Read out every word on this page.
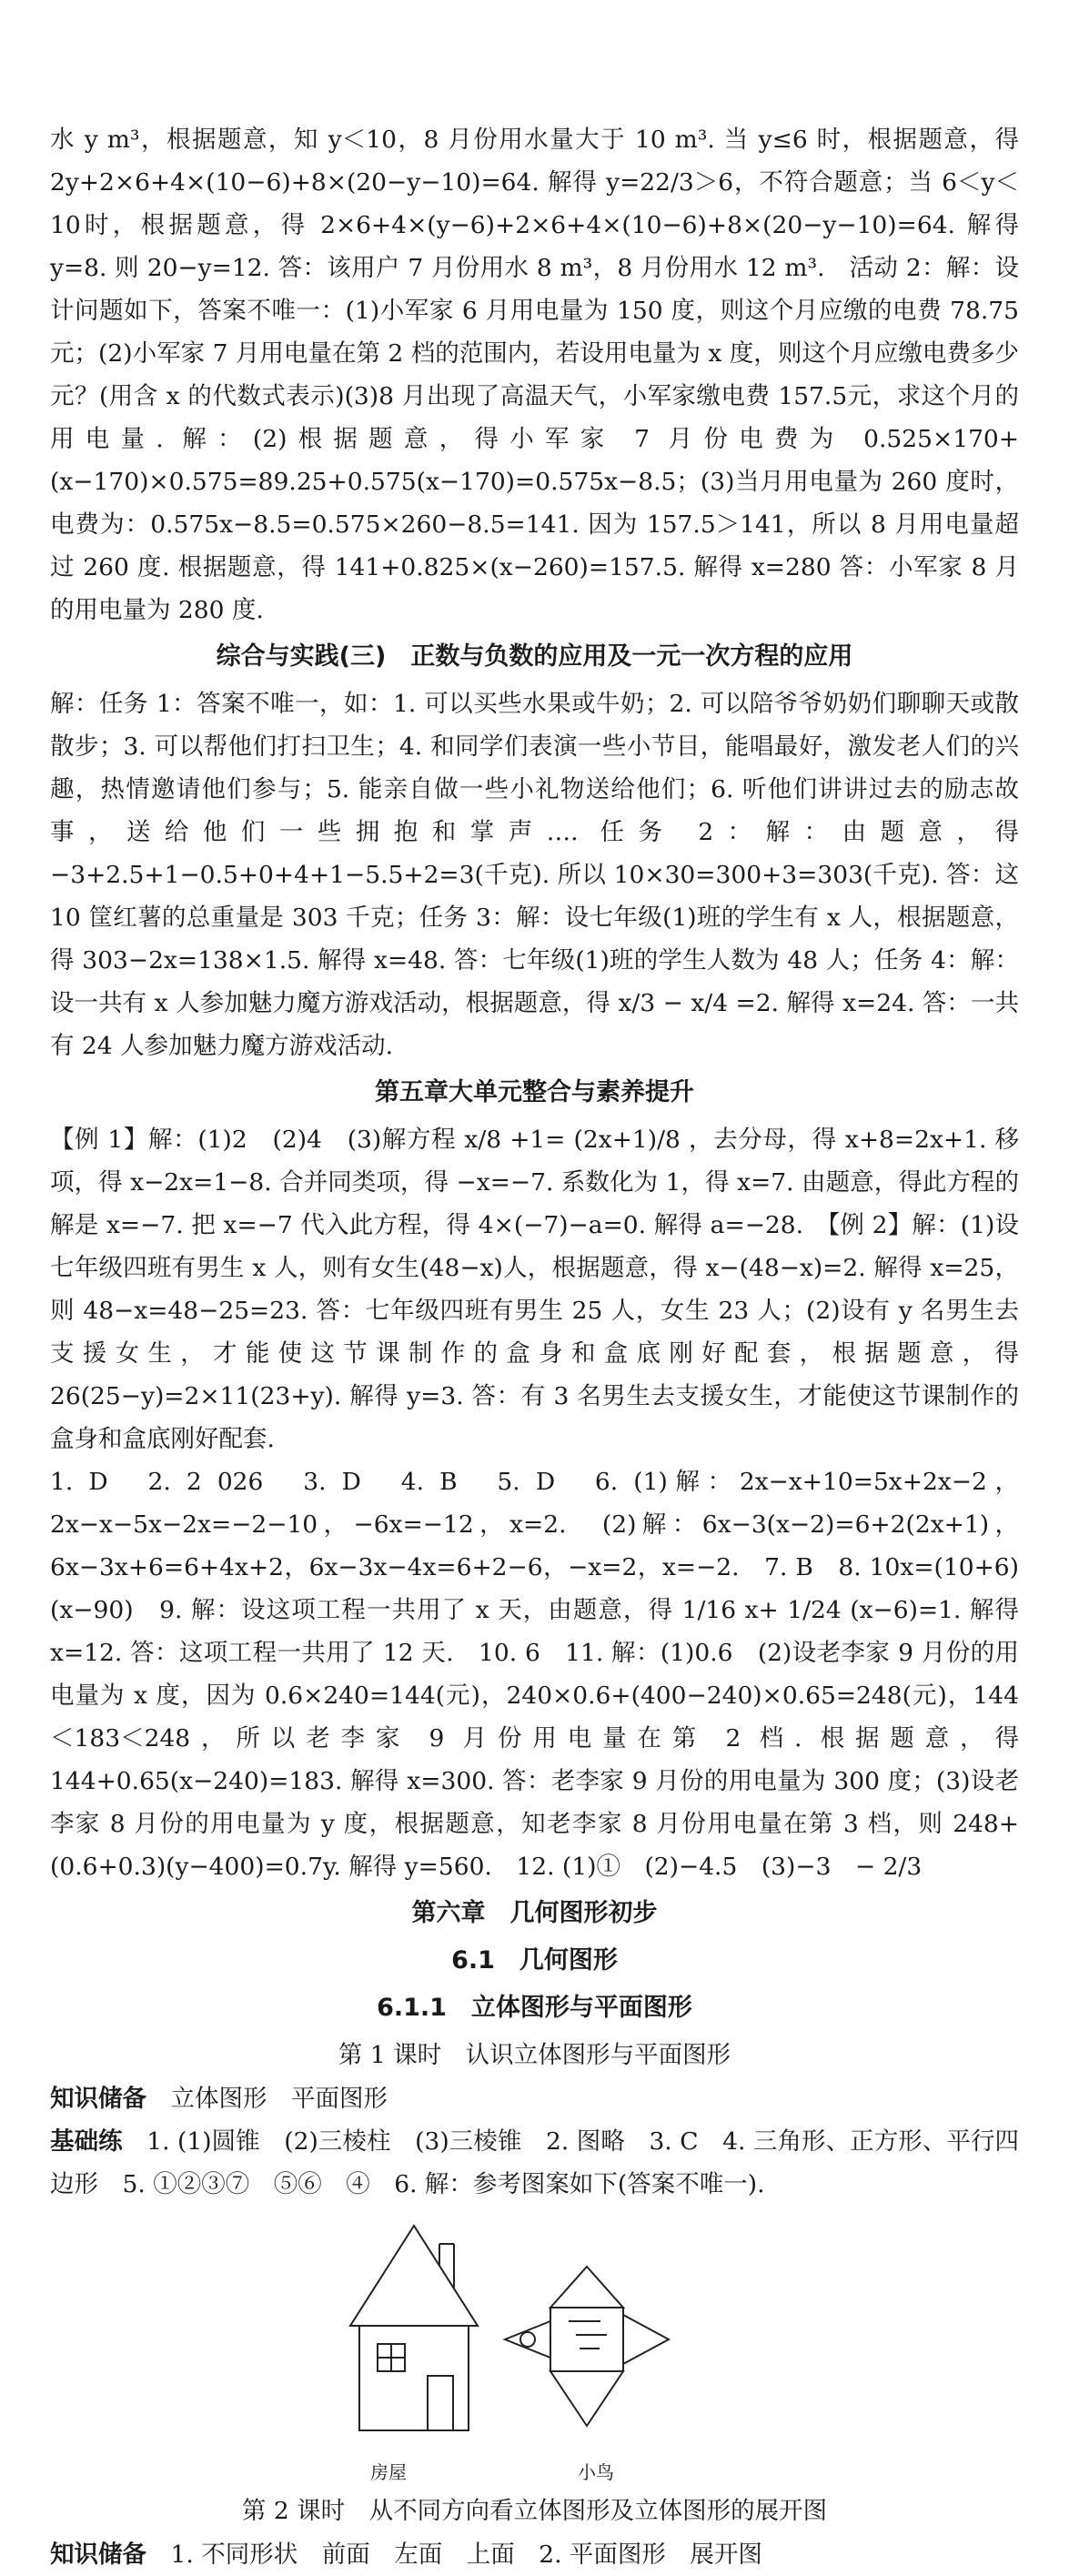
水 y m³，根据题意，知 y＜10，8 月份用水量大于 10 m³. 当 y≤6 时，根据题意，得 2y+2×6+4×(10−6)+8×(20−y−10)=64. 解得 y=22/3＞6，不符合题意；当 6＜y＜10时，根据题意，得 2×6+4×(y−6)+2×6+4×(10−6)+8×(20−y−10)=64. 解得 y=8. 则 20−y=12. 答：该用户 7 月份用水 8 m³，8 月份用水 12 m³.　活动 2：解：设计问题如下，答案不唯一：(1)小军家 6 月用电量为 150 度，则这个月应缴的电费 78.75 元；(2)小军家 7 月用电量在第 2 档的范围内，若设用电量为 x 度，则这个月应缴电费多少元？(用含 x 的代数式表示)(3)8 月出现了高温天气，小军家缴电费 157.5元，求这个月的用电量. 解：(2)根据题意，得小军家 7 月份电费为 0.525×170+(x−170)×0.575=89.25+0.575(x−170)=0.575x−8.5；(3)当月用电量为 260 度时，电费为：0.575x−8.5=0.575×260−8.5=141. 因为 157.5＞141，所以 8 月用电量超过 260 度. 根据题意，得 141+0.825×(x−260)=157.5. 解得 x=280 答：小军家 8 月的用电量为 280 度.

综合与实践(三)　正数与负数的应用及一元一次方程的应用

解：任务 1：答案不唯一，如：1. 可以买些水果或牛奶；2. 可以陪爷爷奶奶们聊聊天或散散步；3. 可以帮他们打扫卫生；4. 和同学们表演一些小节目，能唱最好，激发老人们的兴趣，热情邀请他们参与；5. 能亲自做一些小礼物送给他们；6. 听他们讲讲过去的励志故事，送给他们一些拥抱和掌声…. 任务 2：解：由题意，得 −3+2.5+1−0.5+0+4+1−5.5+2=3(千克). 所以 10×30=300+3=303(千克). 答：这 10 筐红薯的总重量是 303 千克；任务 3：解：设七年级(1)班的学生有 x 人，根据题意，得 303−2x=138×1.5. 解得 x=48. 答：七年级(1)班的学生人数为 48 人；任务 4：解：设一共有 x 人参加魅力魔方游戏活动，根据题意，得 x/3 − x/4 =2. 解得 x=24. 答：一共有 24 人参加魅力魔方游戏活动.

第五章大单元整合与素养提升

【例 1】解：(1)2　(2)4　(3)解方程 x/8 +1= (2x+1)/8 ，去分母，得 x+8=2x+1. 移项，得 x−2x=1−8. 合并同类项，得 −x=−7. 系数化为 1，得 x=7. 由题意，得此方程的解是 x=−7. 把 x=−7 代入此方程，得 4×(−7)−a=0. 解得 a=−28.　【例 2】解：(1)设七年级四班有男生 x 人，则有女生(48−x)人，根据题意，得 x−(48−x)=2. 解得 x=25，则 48−x=48−25=23. 答：七年级四班有男生 25 人，女生 23 人；(2)设有 y 名男生去支援女生，才能使这节课制作的盒身和盒底刚好配套，根据题意，得 26(25−y)=2×11(23+y). 解得 y=3. 答：有 3 名男生去支援女生，才能使这节课制作的盒身和盒底刚好配套.

1. D　2. 2 026　3. D　4. B　5. D　6. (1)解：2x−x+10=5x+2x−2，2x−x−5x−2x=−2−10，−6x=−12，x=2.　(2)解：6x−3(x−2)=6+2(2x+1)，6x−3x+6=6+4x+2，6x−3x−4x=6+2−6，−x=2，x=−2.　7. B　8. 10x=(10+6)(x−90)　9. 解：设这项工程一共用了 x 天，由题意，得 1/16 x+ 1/24 (x−6)=1. 解得 x=12. 答：这项工程一共用了 12 天.　10. 6　11. 解：(1)0.6　(2)设老李家 9 月份的用电量为 x 度，因为 0.6×240=144(元)，240×0.6+(400−240)×0.65=248(元)，144＜183＜248，所以老李家 9 月份用电量在第 2 档. 根据题意，得 144+0.65(x−240)=183. 解得 x=300. 答：老李家 9 月份的用电量为 300 度；(3)设老李家 8 月份的用电量为 y 度，根据题意，知老李家 8 月份用电量在第 3 档，则 248+(0.6+0.3)(y−400)=0.7y. 解得 y=560.　12. (1)①　(2)−4.5　(3)−3　− 2/3

第六章　几何图形初步
6.1　几何图形
6.1.1　立体图形与平面图形
第 1 课时　认识立体图形与平面图形

知识储备　立体图形　平面图形

基础练　1. (1)圆锥　(2)三棱柱　(3)三棱锥　2. 图略　3. C　4. 三角形、正方形、平行四边形　5. ①②③⑦　⑤⑥　④　6. 解：参考图案如下(答案不唯一).

房屋	小鸟
第 2 课时　从不同方向看立体图形及立体图形的展开图

知识储备　1. 不同形状　前面　左面　上面　2. 平面图形　展开图
